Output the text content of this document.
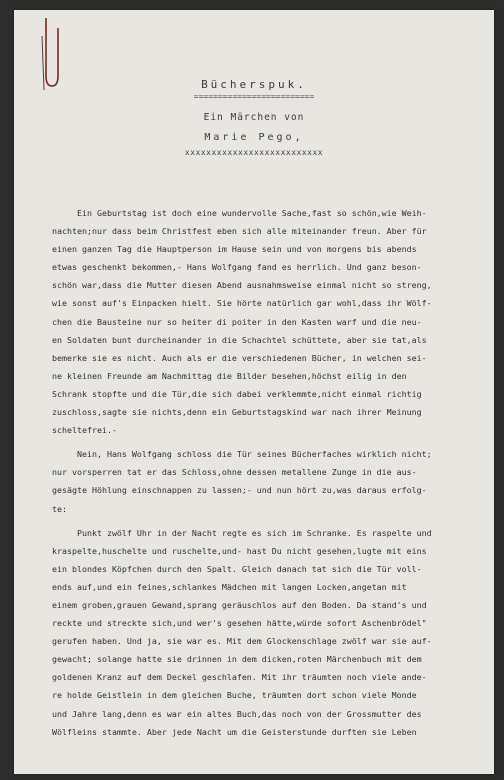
Bücherspuk.
=========================
Ein Märchen von
Marie Pego,
xxxxxxxxxxxxxxxxxxxxxxxxxx
Ein Geburtstag ist doch eine wundervolle Sache,fast so schön,wie Weih-
nachten;nur dass beim Christfest eben sich alle miteinander freun. Aber für
einen ganzen Tag die Hauptperson im Hause sein und von morgens bis abends
etwas geschenkt bekommen,- Hans Wolfgang fand es herrlich. Und ganz beson-
schön war,dass die Mutter diesen Abend ausnahmsweise einmal nicht so streng,
wie sonst auf's Einpacken hielt. Sie hörte natürlich gar wohl,dass ihr Wölf-
chen die Bausteine nur so heiter di poiter in den Kasten warf und die neu-
en Soldaten bunt durcheinander in die Schachtel schüttete, aber sie tat,als
bemerke sie es nicht. Auch als er die verschiedenen Bücher, in welchen sei-
ne kleinen Freunde am Nachmittag die Bilder besehen,höchst eilig in den
Schrank stopfte und die Tür,die sich dabei verklemmte,nicht einmal richtig
zuschloss,sagte sie nichts,denn ein Geburtstagskind war nach ihrer Meinung
scheltefrei.-
Nein, Hans Wolfgang schloss die Tür seines Bücherfaches wirklich nicht;
nur vorsperren tat er das Schloss,ohne dessen metallene Zunge in die aus-
gesägte Höhlung einschnappen zu lassen;- und nun hört zu,was daraus erfolg-
te:
Punkt zwölf Uhr in der Nacht regte es sich im Schranke. Es raspelte und
kraspelte,huschelte und ruschelte,und- hast Du nicht gesehen,lugte mit eins
ein blondes Köpfchen durch den Spalt. Gleich danach tat sich die Tür voll-
ends auf,und ein feines,schlankes Mädchen mit langen Locken,angetan mit
einem groben,grauen Gewand,sprang geräuschlos auf den Boden. Da stand's und
reckte und streckte sich,und wer's gesehen hätte,würde sofort Aschenbrödel"
gerufen haben. Und ja, sie war es. Mit dem Glockenschlage zwölf war sie auf-
gewacht; solange hatte sie drinnen in dem dicken,roten Märchenbuch mit dem
goldenen Kranz auf dem Deckel geschlafen. Mit ihr träumten noch viele ande-
re holde Geistlein in dem gleichen Buche, träumten dort schon viele Monde
und Jahre lang,denn es war ein altes Buch,das noch von der Grossmutter des
Wölfleins stammte. Aber jede Nacht um die Geisterstunde durften sie Leben
